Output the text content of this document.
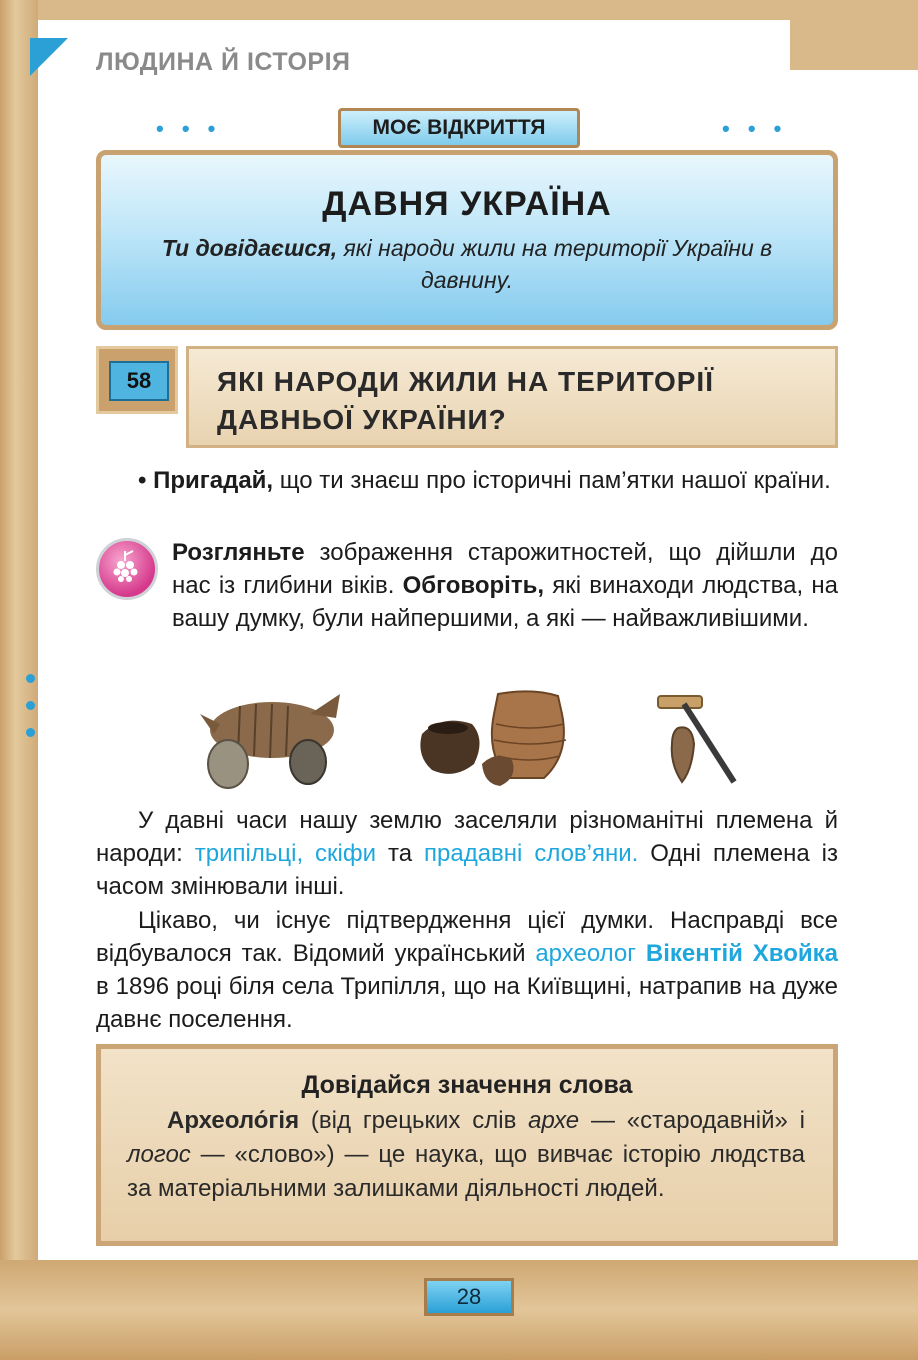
ЛЮДИНА Й ІСТОРІЯ
• • •	• • •
МОЄ ВІДКРИТТЯ
ДАВНЯ УКРАЇНА
Ти довідаєшся, які народи жили на території України в давнину.
58	ЯКІ НАРОДИ ЖИЛИ НА ТЕРИТОРІЇ ДАВНЬОЇ УКРАЇНИ?
• Пригадай, що ти знаєш про історичні пам’ятки нашої країни.
Розгляньте зображення старожитностей, що дійшли до нас із глибини віків. Обговоріть, які винаходи людства, на вашу думку, були найпершими, а які — найважливішими.
У давні часи нашу землю заселяли різноманітні племена й народи: трипільці, скіфи та прадавні слов’яни. Одні племена із часом змінювали інші.
Цікаво, чи існує підтвердження цієї думки. Насправді все відбувалося так. Відомий український археолог Вікентій Хвойка в 1896 році біля села Трипілля, що на Київщині, натрапив на дуже давнє поселення.
Довідайся значення слова
Археоло́гія (від грецьких слів архе — «стародавній» і логос — «слово») — це наука, що вивчає історію людства за матеріальними залишками діяльності людей.
28
